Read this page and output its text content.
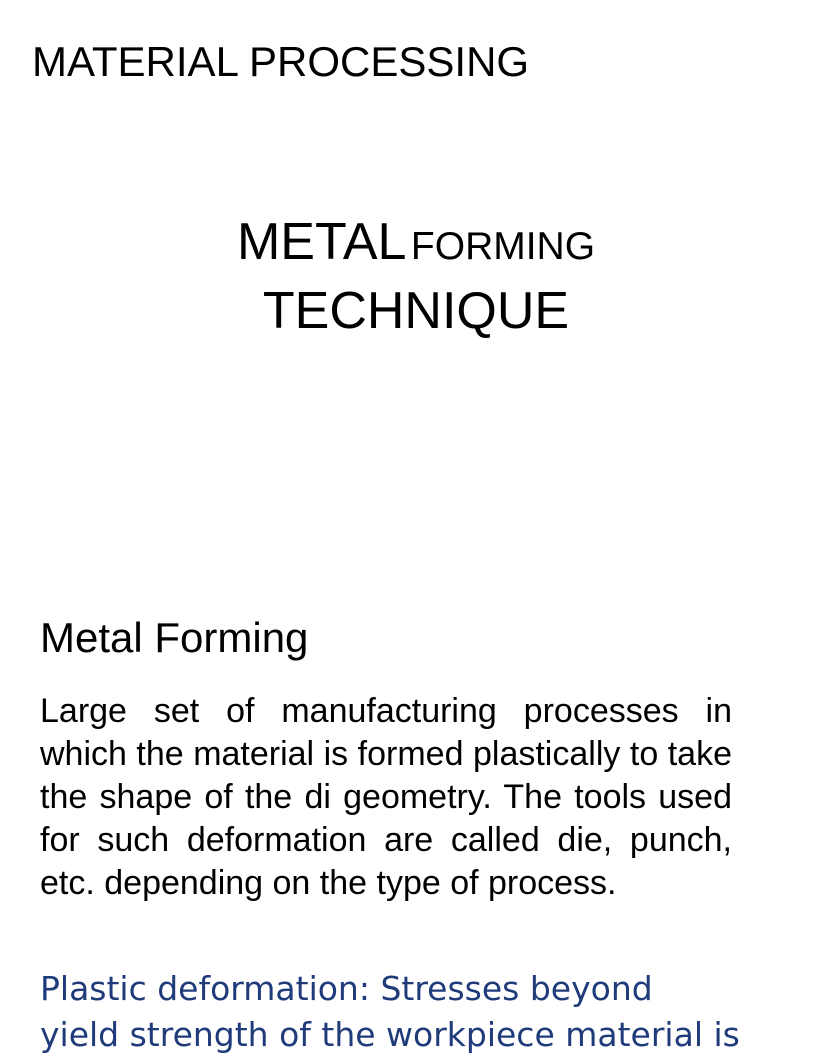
MATERIAL PROCESSING
METAL FORMING
TECHNIQUE
Metal Forming
Large set of manufacturing processes in which the material is formed plastically to take the shape of the di geometry. The tools used for such deformation are called die, punch, etc. depending on the type of process.
Plastic deformation: Stresses beyond yield strength of the workpiece material is
